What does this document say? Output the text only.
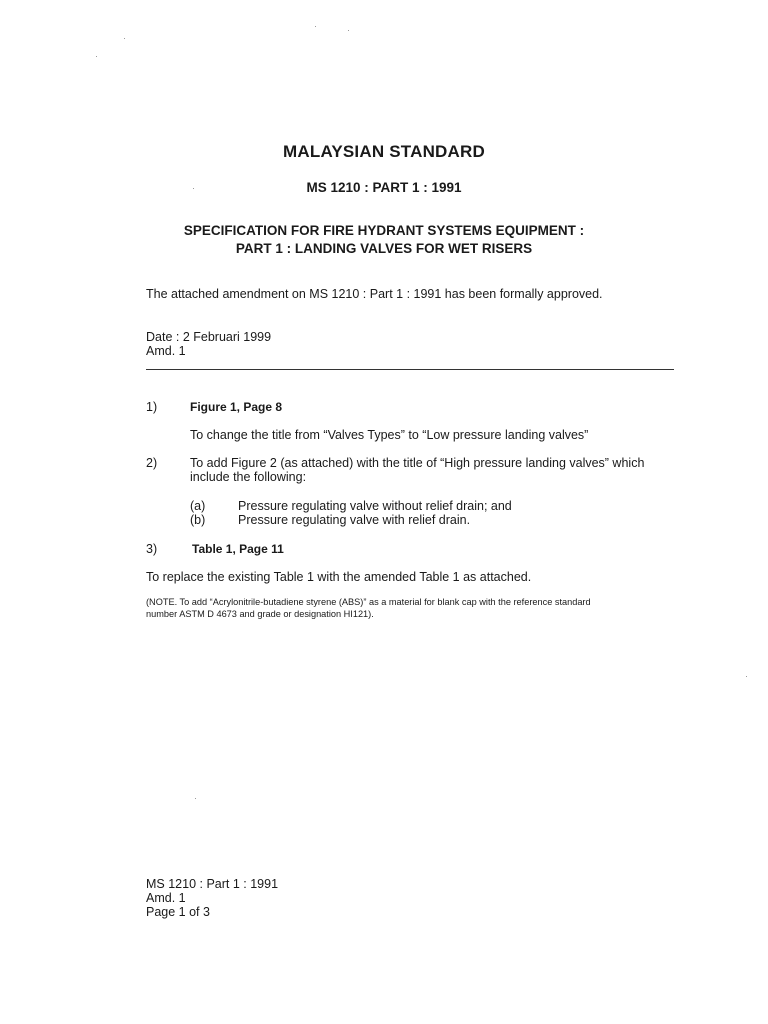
MALAYSIAN STANDARD
MS 1210 : PART 1 : 1991
SPECIFICATION FOR FIRE HYDRANT SYSTEMS EQUIPMENT :
PART 1 : LANDING VALVES FOR WET RISERS
The attached amendment on MS 1210 : Part 1 : 1991 has been formally approved.
Date : 2 Februari 1999
Amd. 1
1)	Figure 1, Page 8
To change the title from “Valves Types” to “Low pressure landing valves”
2)	To add Figure 2 (as attached) with the title of “High pressure landing valves” which
include the following:
(a)	Pressure regulating valve without relief drain; and
(b)	Pressure regulating valve with relief drain.
3)	Table 1, Page 11
To replace the existing Table 1 with the amended Table 1 as attached.
(NOTE. To add “Acrylonitrile-butadiene styrene (ABS)” as a material for blank cap with the reference standard
number ASTM D 4673 and grade or designation HI121).
MS 1210 : Part 1 : 1991
Amd. 1
Page 1 of 3
